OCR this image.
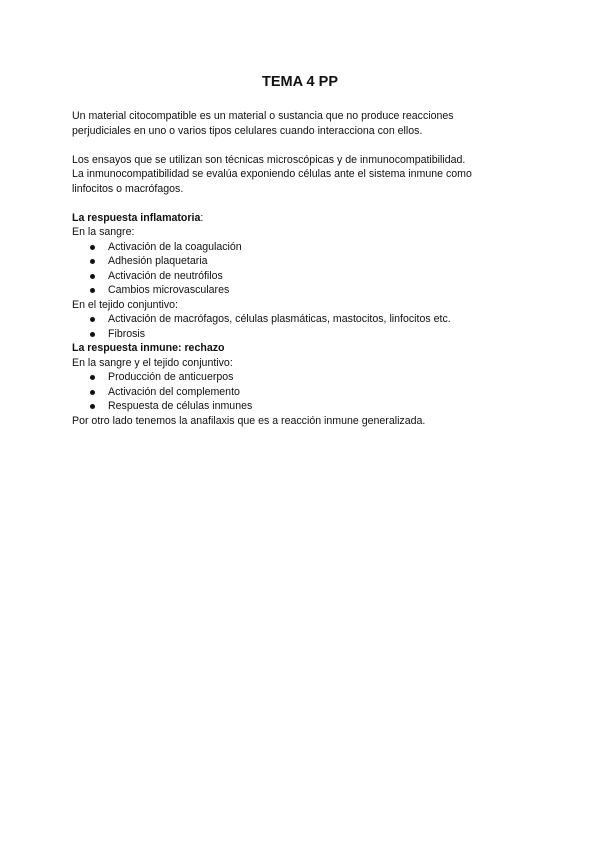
TEMA 4 PP

Un material citocompatible es un material o sustancia que no produce reacciones

perjudiciales en uno o varios tipos celulares cuando interacciona con ellos.

Los ensayos que se utilizan son técnicas microscópicas y de inmunocompatibilidad.

La inmunocompatibilidad se evalúa exponiendo células ante el sistema inmune como

linfocitos o macrófagos.

La respuesta inflamatoria:

En la sangre:

Activación de la coagulación
Adhesión plaquetaria
Activación de neutrófilos
Cambios microvasculares

En el tejido conjuntivo:

Activación de macrófagos, células plasmáticas, mastocitos, linfocitos etc.
Fibrosis

La respuesta inmune: rechazo

En la sangre y el tejido conjuntivo:

Producción de anticuerpos
Activación del complemento
Respuesta de células inmunes

Por otro lado tenemos la anafilaxis que es a reacción inmune generalizada.
